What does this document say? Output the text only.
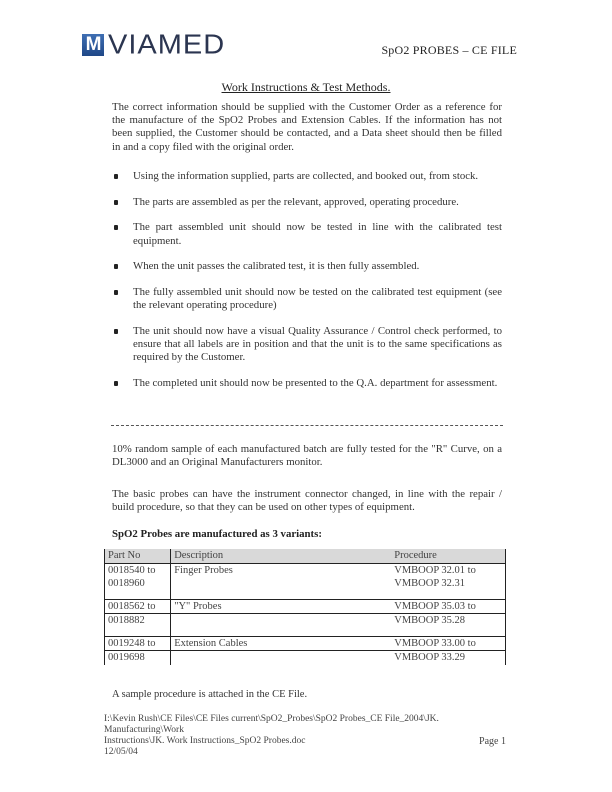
M VIAMED	SpO2 PROBES – CE FILE
Work Instructions & Test Methods.
The correct information should be supplied with the Customer Order as a reference for the manufacture of the SpO2 Probes and Extension Cables. If the information has not been supplied, the Customer should be contacted, and a Data sheet should then be filled in and a copy filed with the original order.
Using the information supplied, parts are collected, and booked out, from stock.
The parts are assembled as per the relevant, approved, operating procedure.
The part assembled unit should now be tested in line with the calibrated test equipment.
When the unit passes the calibrated test, it is then fully assembled.
The fully assembled unit should now be tested on the calibrated test equipment (see the relevant operating procedure)
The unit should now have a visual Quality Assurance / Control check performed, to ensure that all labels are in position and that the unit is to the same specifications as required by the Customer.
The completed unit should now be presented to the Q.A. department for assessment.
10% random sample of each manufactured batch are fully tested for the "R" Curve, on a DL3000 and an Original Manufacturers monitor.
The basic probes can have the instrument connector changed, in line with the repair / build procedure, so that they can be used on other types of equipment.
SpO2 Probes are manufactured as 3 variants:
Part No	Description	Procedure
0018540 to	Finger Probes	VMBOOP 32.01 to
0018960		VMBOOP 32.31

0018562 to	"Y" Probes	VMBOOP 35.03 to
0018882		VMBOOP 35.28

0019248 to	Extension Cables	VMBOOP 33.00 to
0019698		VMBOOP 33.29
A sample procedure is attached in the CE File.
I:\Kevin Rush\CE Files\CE Files current\SpO2_Probes\SpO2 Probes_CE File_2004\JK. Manufacturing\Work
Instructions\JK. Work Instructions_SpO2 Probes.doc
12/05/04
Page 1
